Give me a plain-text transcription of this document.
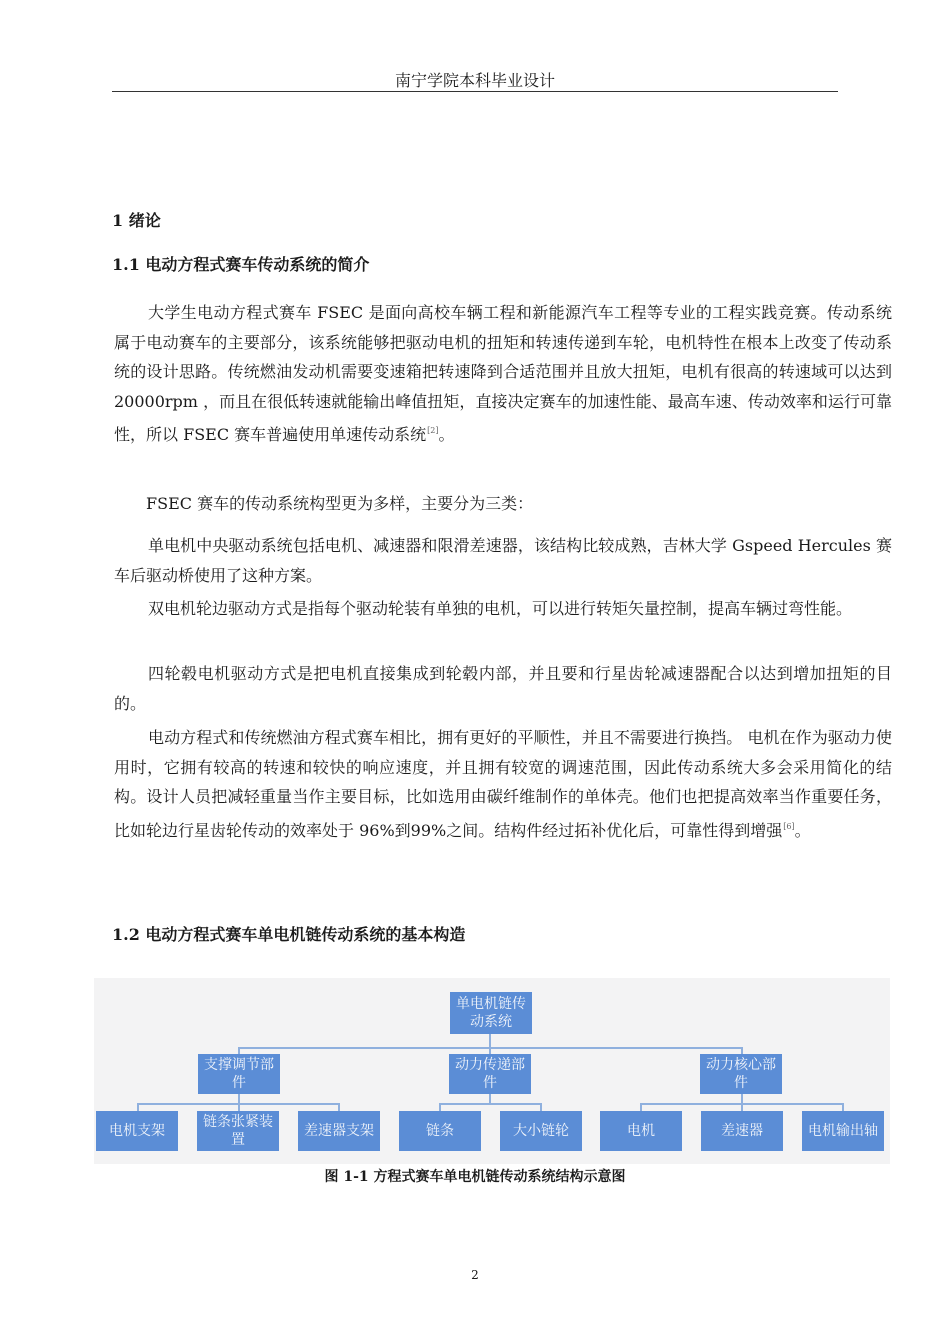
南宁学院本科毕业设计
1 绪论
1.1 电动方程式赛车传动系统的简介

大学生电动方程式赛车 FSEC 是面向高校车辆工程和新能源汽车工程等专业的工程实践竞赛。传动系统属于电动赛车的主要部分，该系统能够把驱动电机的扭矩和转速传递到车轮，电机特性在根本上改变了传动系统的设计思路。传统燃油发动机需要变速箱把转速降到合适范围并且放大扭矩，电机有很高的转速域可以达到 20000rpm ，而且在很低转速就能输出峰值扭矩，直接决定赛车的加速性能、最高车速、传动效率和运行可靠性，所以 FSEC 赛车普遍使用单速传动系统[2]。

FSEC 赛车的传动系统构型更为多样，主要分为三类：

单电机中央驱动系统包括电机、减速器和限滑差速器，该结构比较成熟，吉林大学 Gspeed Hercules 赛车后驱动桥使用了这种方案。

双电机轮边驱动方式是指每个驱动轮装有单独的电机，可以进行转矩矢量控制，提高车辆过弯性能。

四轮毂电机驱动方式是把电机直接集成到轮毂内部，并且要和行星齿轮减速器配合以达到增加扭矩的目的。

电动方程式和传统燃油方程式赛车相比，拥有更好的平顺性，并且不需要进行换挡。 电机在作为驱动力使用时，它拥有较高的转速和较快的响应速度，并且拥有较宽的调速范围，因此传动系统大多会采用简化的结构。设计人员把减轻重量当作主要目标，比如选用由碳纤维制作的单体壳。他们也把提高效率当作重要任务，比如轮边行星齿轮传动的效率处于 96%到99%之间。结构件经过拓补优化后，可靠性得到增强[6]。

1.2 电动方程式赛车单电机链传动系统的基本构造
单电机链传动系统
支撑调节部件
动力传递部件
动力核心部件
电机支架
链条张紧装置
差速器支架	链条	大小链轮	电机	差速器	电机输出轴
图 1-1 方程式赛车单电机链传动系统结构示意图
2
